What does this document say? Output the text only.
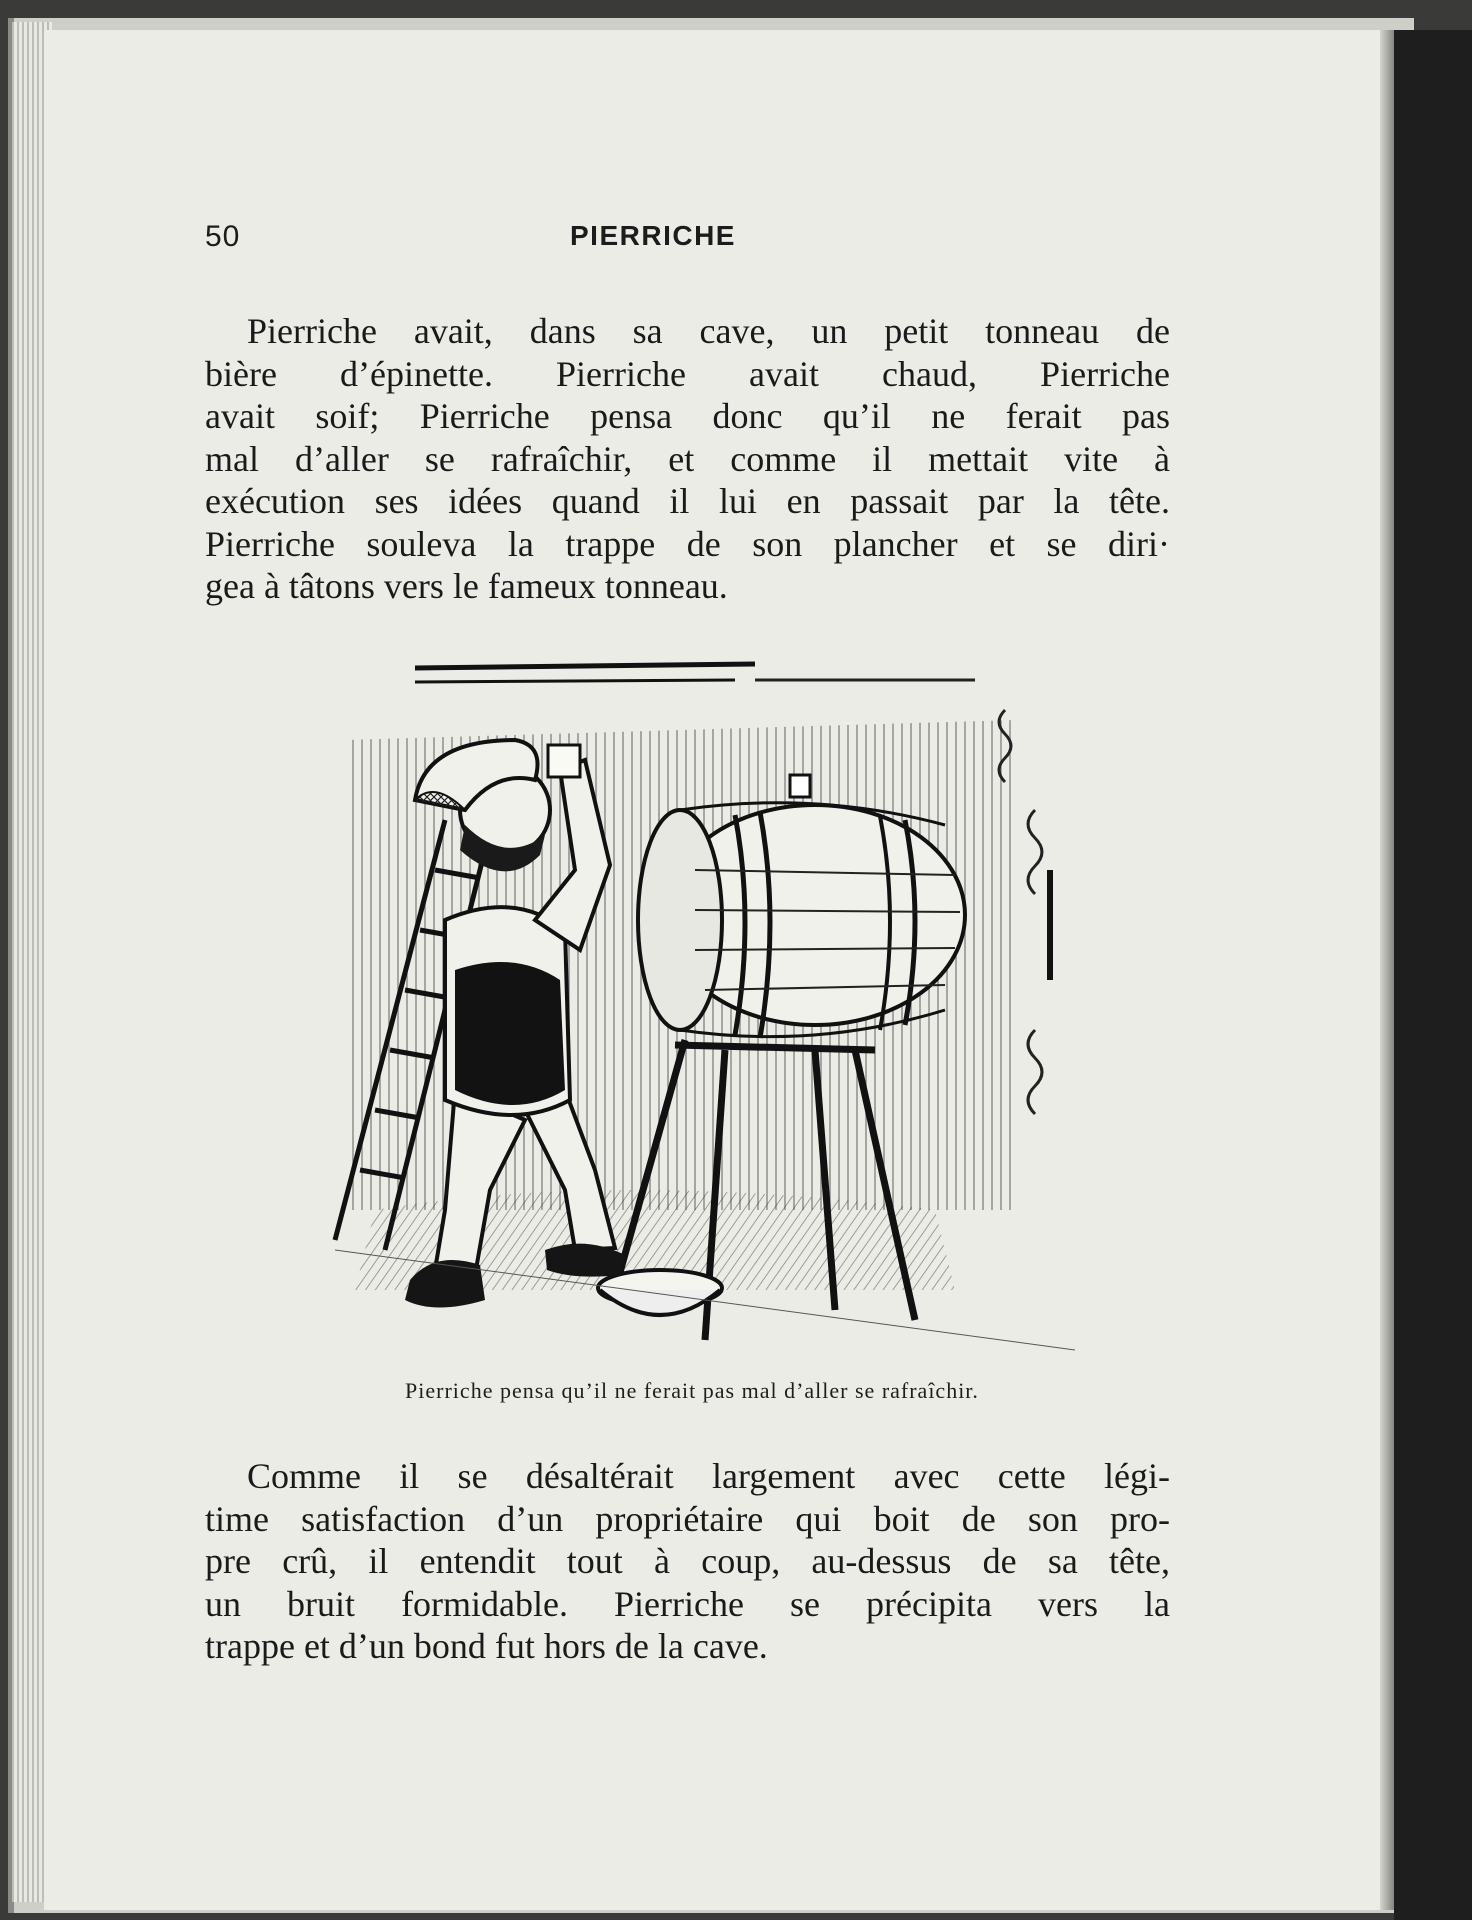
50	PIERRICHE
Pierriche avait, dans sa cave, un petit tonneau de
bière d’épinette. Pierriche avait chaud, Pierriche
avait soif; Pierriche pensa donc qu’il ne ferait pas
mal d’aller se rafraîchir, et comme il mettait vite à
exécution ses idées quand il lui en passait par la tête.
Pierriche souleva la trappe de son plancher et se diri·
gea à tâtons vers le fameux tonneau.
Pierriche pensa qu’il ne ferait pas mal d’aller se rafraîchir.
Comme il se désaltérait largement avec cette légi-
time satisfaction d’un propriétaire qui boit de son pro-
pre crû, il entendit tout à coup, au-dessus de sa tête,
un bruit formidable. Pierriche se précipita vers la
trappe et d’un bond fut hors de la cave.
